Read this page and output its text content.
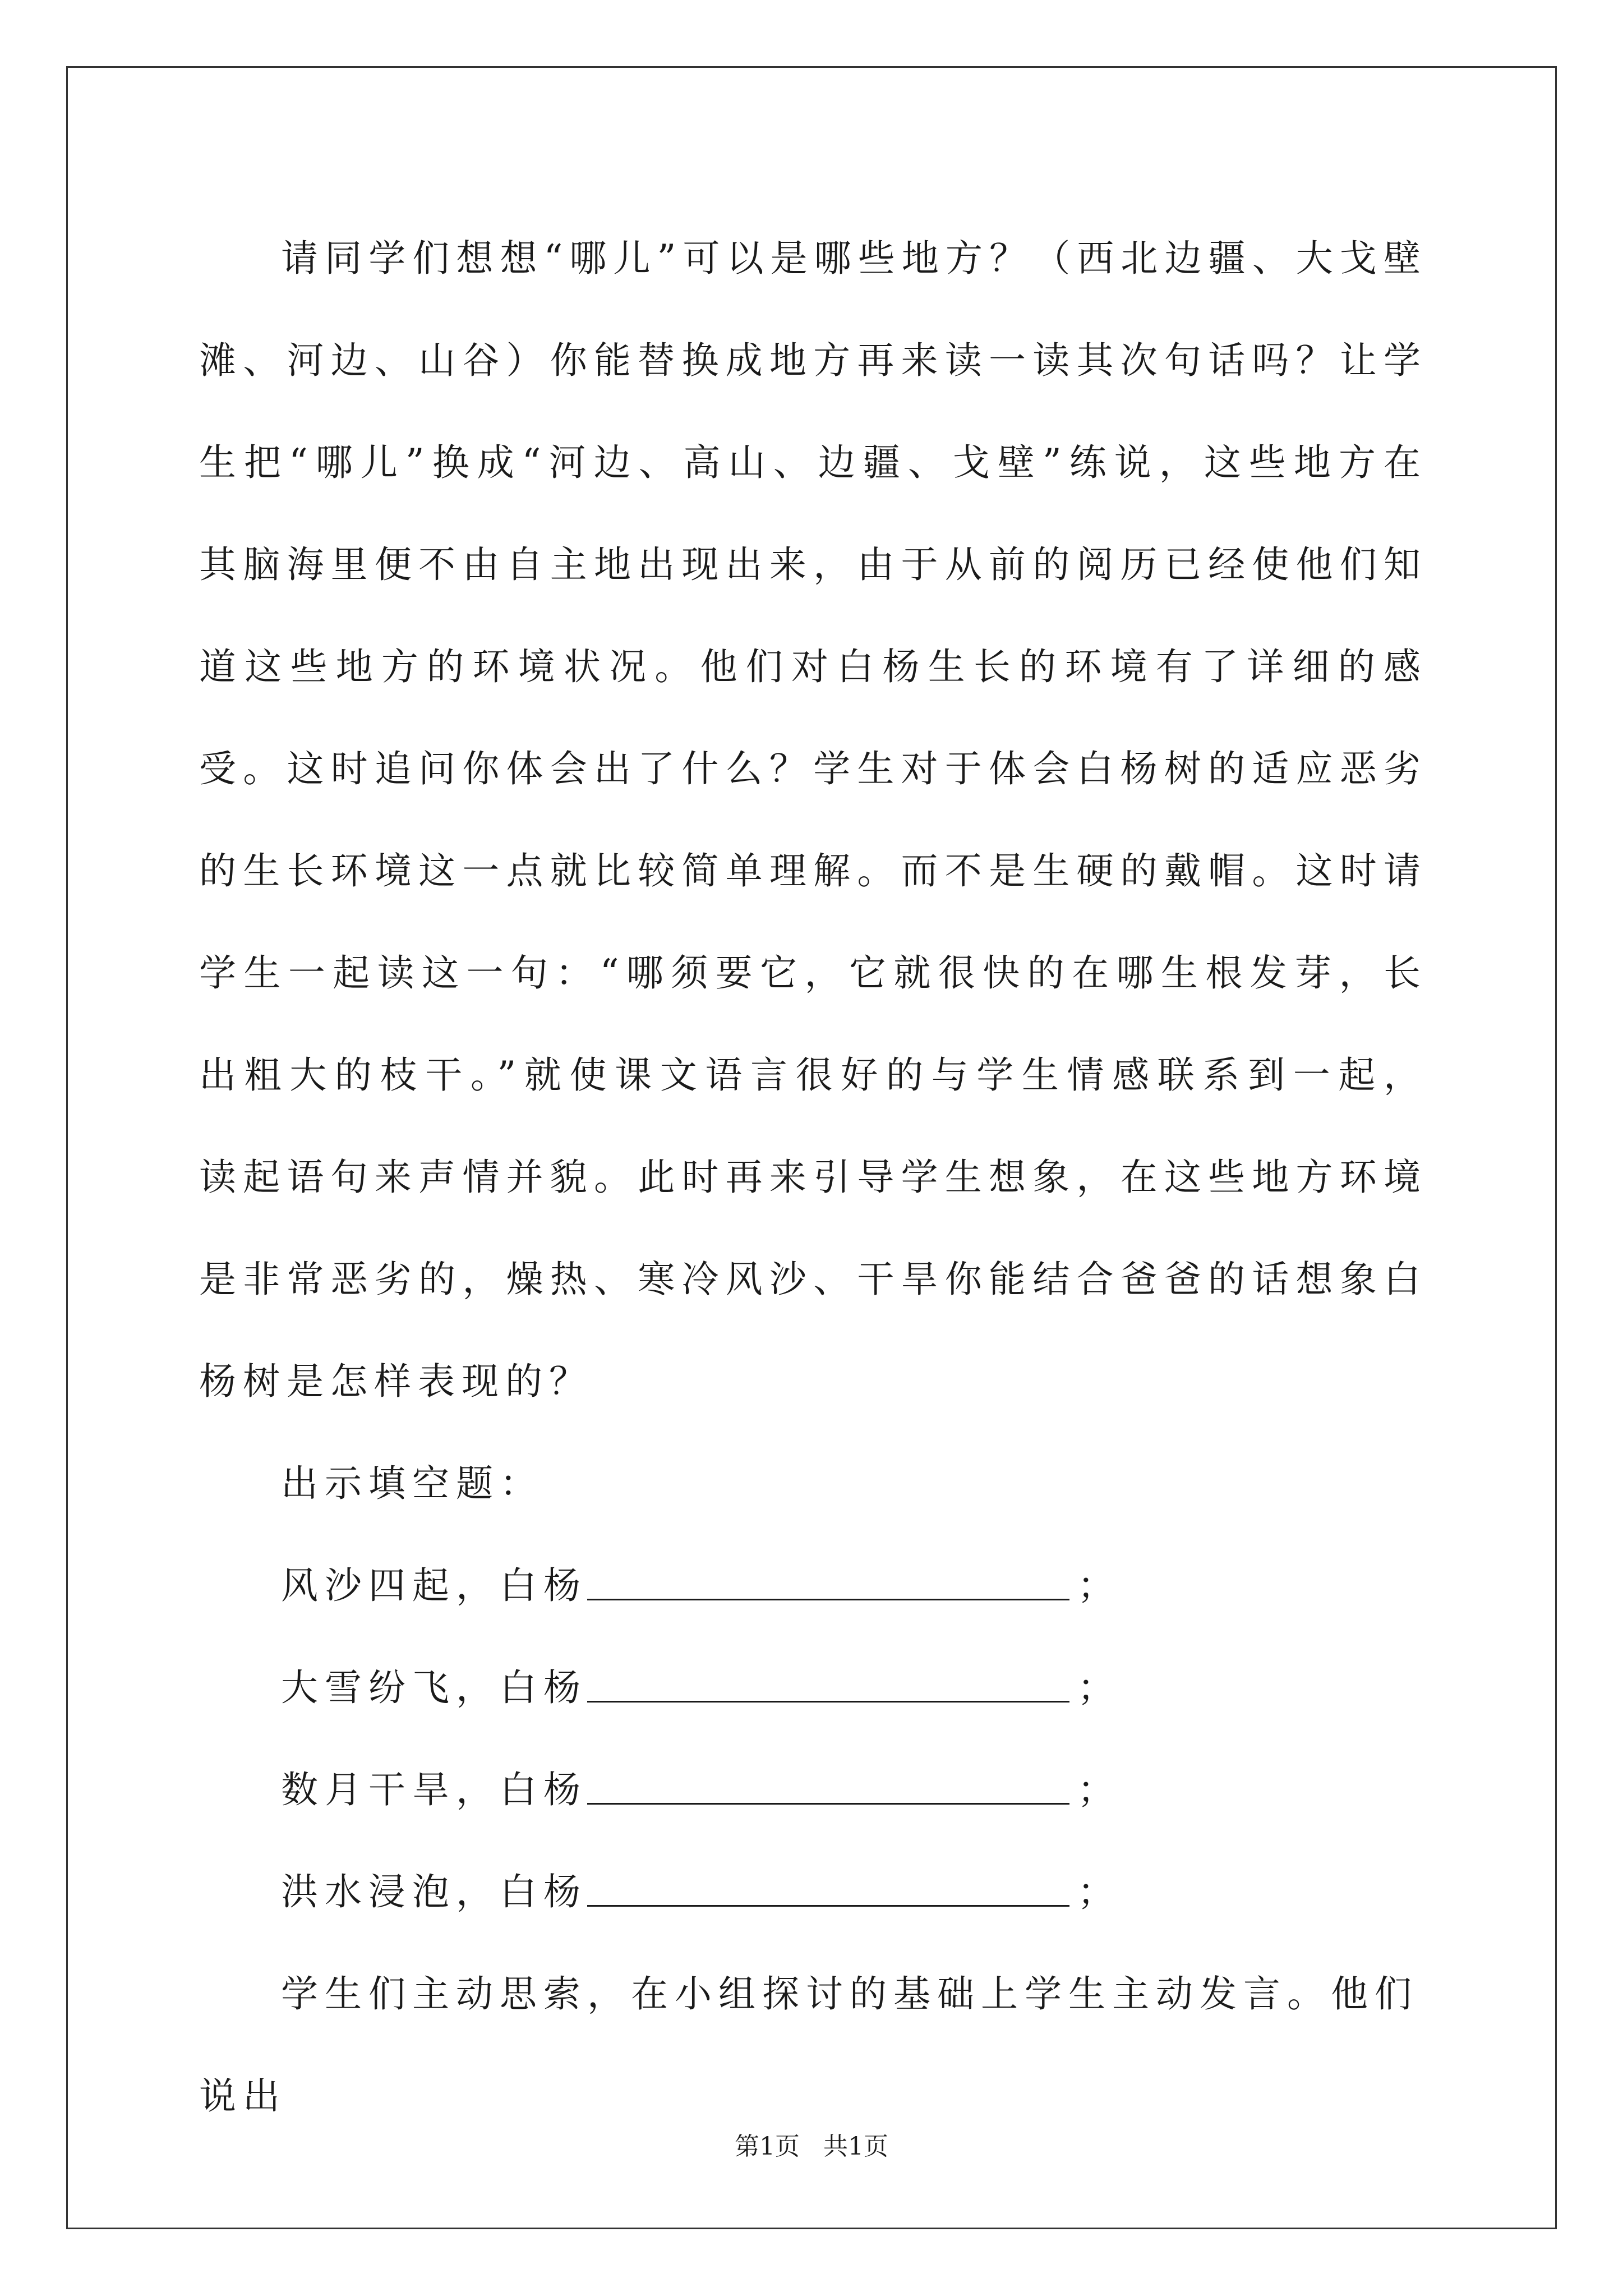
请同学们想想“哪儿”可以是哪些地方？（西北边疆、大戈壁滩、河边、山谷）你能替换成地方再来读一读其次句话吗？让学生把“哪儿”换成“河边、高山、边疆、戈壁”练说，这些地方在其脑海里便不由自主地出现出来，由于从前的阅历已经使他们知道这些地方的环境状况。他们对白杨生长的环境有了详细的感受。这时追问你体会出了什么？学生对于体会白杨树的适应恶劣的生长环境这一点就比较简单理解。而不是生硬的戴帽。这时请学生一起读这一句：“哪须要它，它就很快的在哪生根发芽，长出粗大的枝干。”就使课文语言很好的与学生情感联系到一起，读起语句来声情并貌。此时再来引导学生想象，在这些地方环境是非常恶劣的，燥热、寒冷风沙、干旱你能结合爸爸的话想象白杨树是怎样表现的？

出示填空题：

风沙四起，白杨	；

大雪纷飞，白杨	；

数月干旱，白杨	；

洪水浸泡，白杨	；

学生们主动思索，在小组探讨的基础上学生主动发言。他们说出

第1页   共1页
